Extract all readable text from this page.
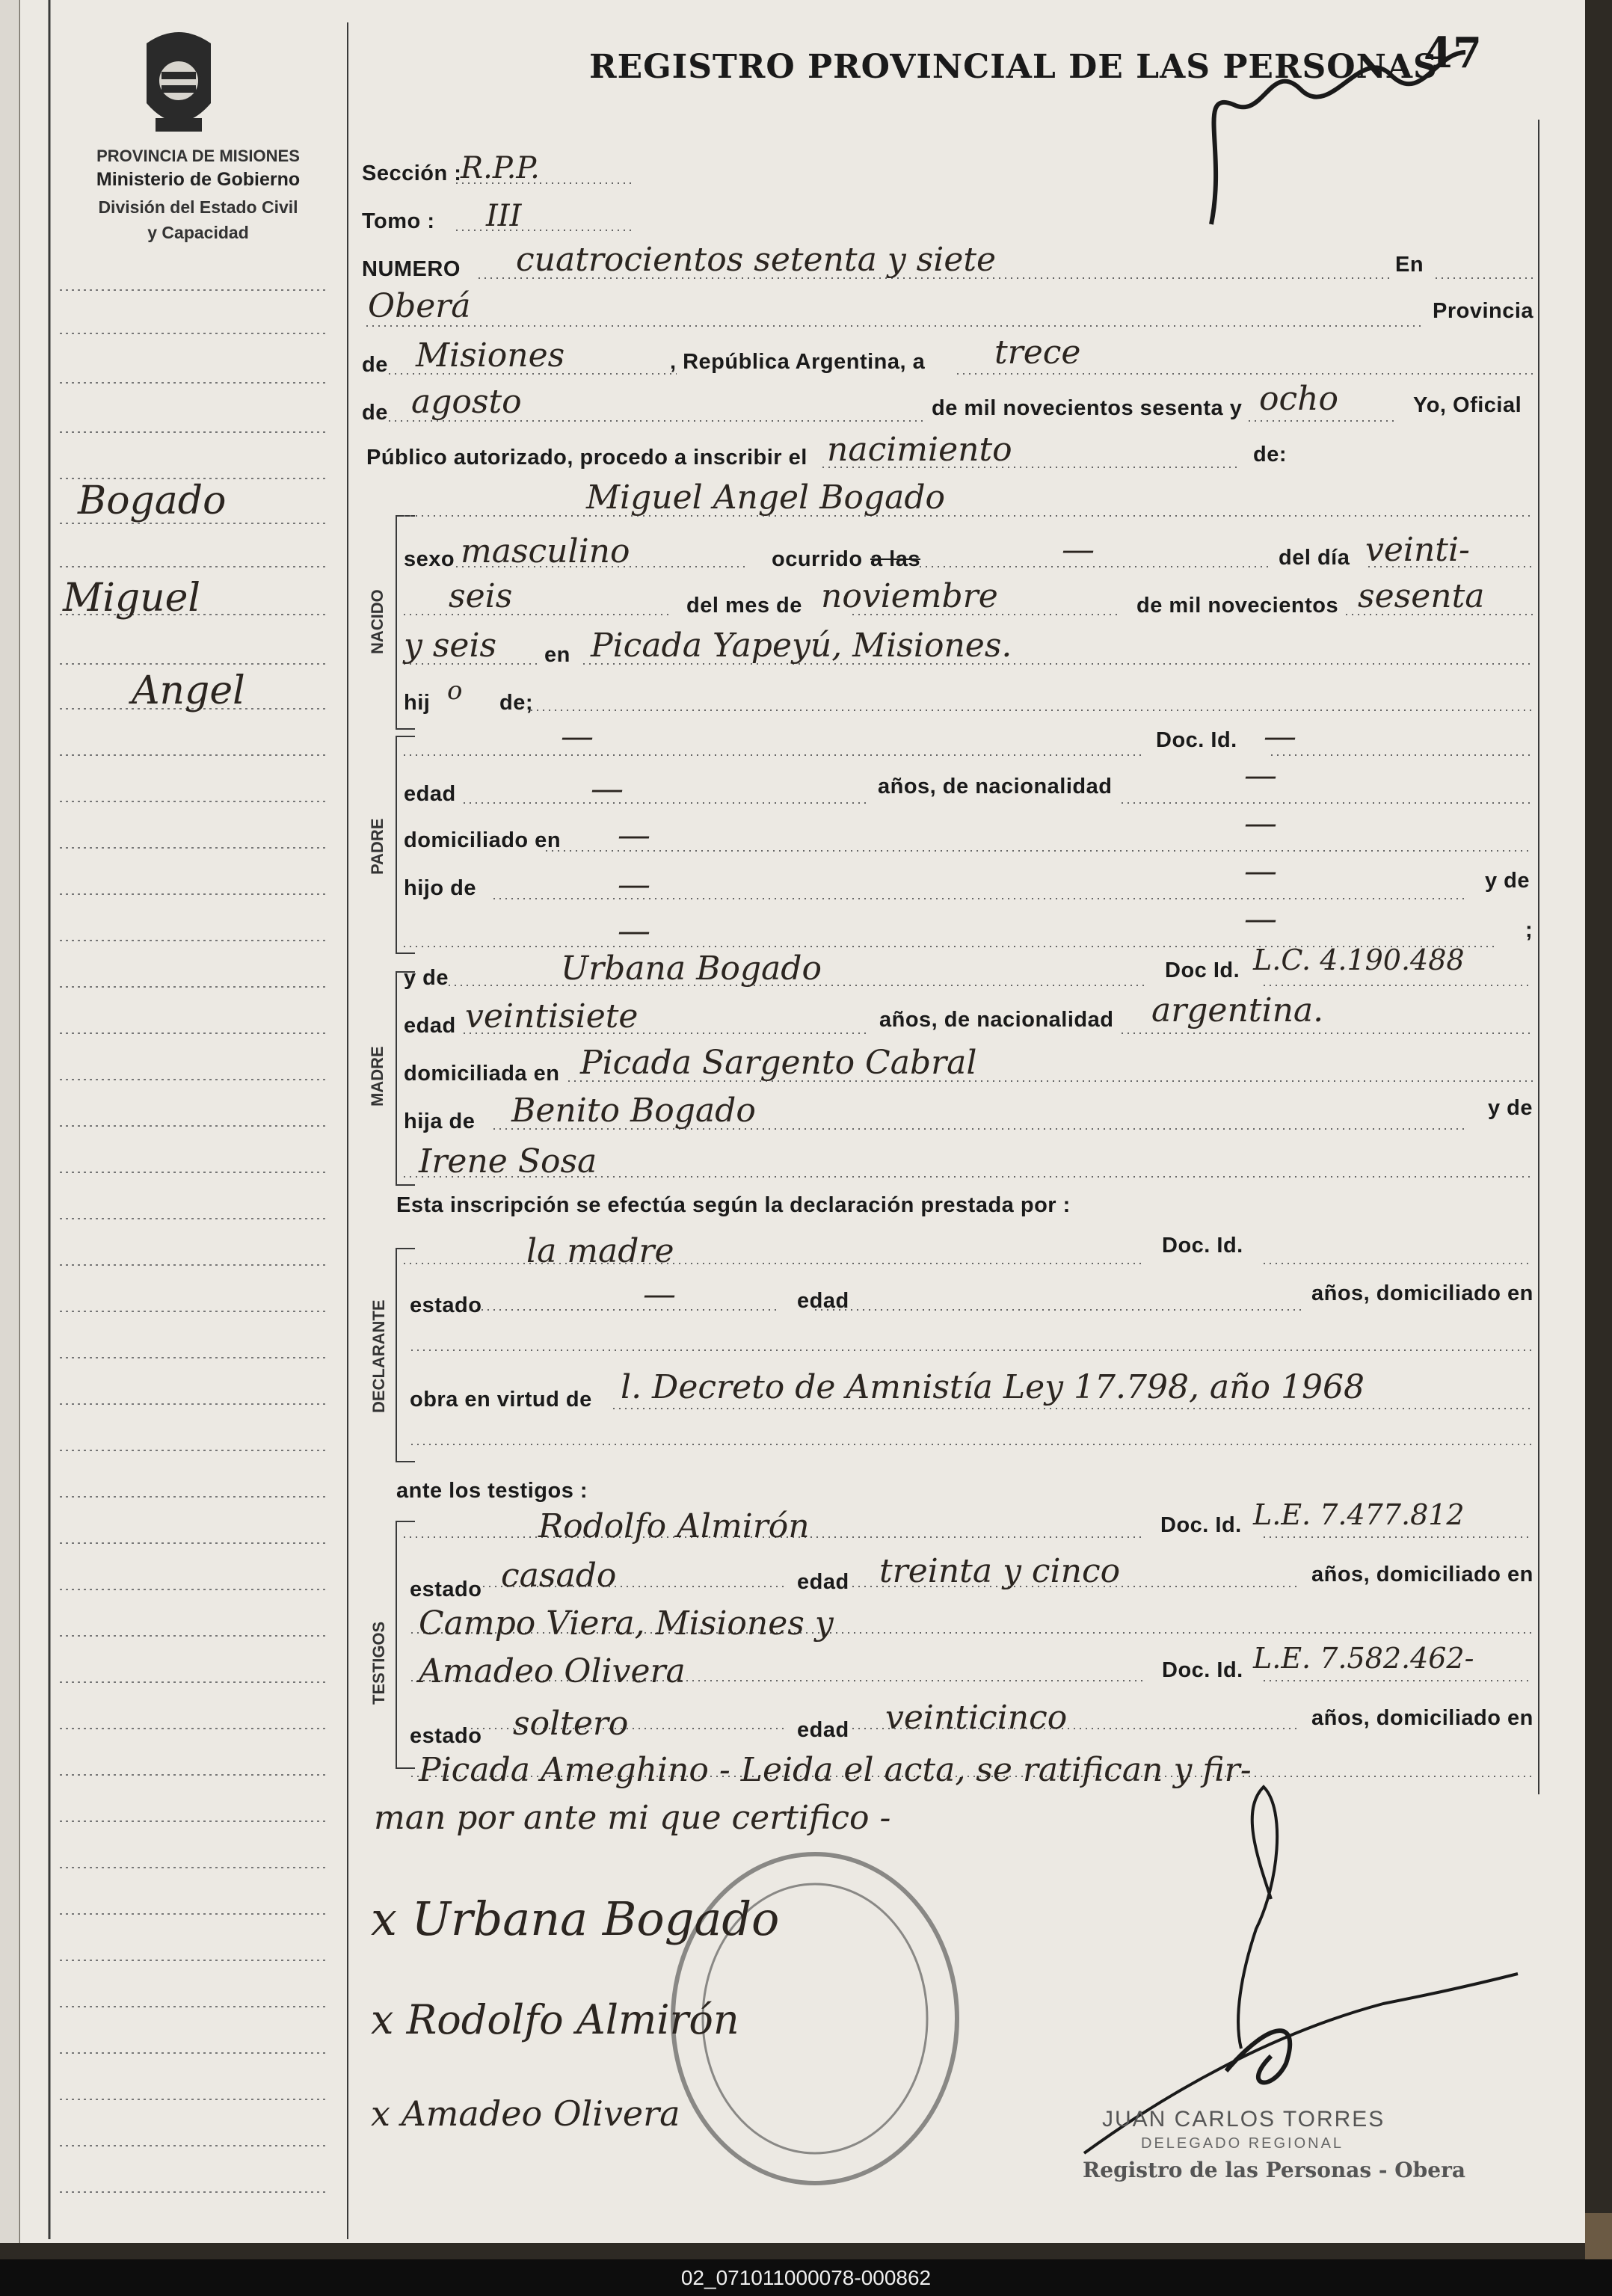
PROVINCIA DE MISIONES
Ministerio de Gobierno
División del Estado Civil
y Capacidad
REGISTRO PROVINCIAL DE LAS PERSONAS
47
Bogado
Miguel
Angel
Sección :
R.P.P.
Tomo : III
NUMERO cuatrocientos setenta y siete	En
Oberá	Provincia
de Misiones	, República Argentina, a trece
de agosto	de mil novecientos sesenta y ocho	Yo, Oficial
Público autorizado, procedo a inscribir el nacimiento	de:
NACIDO
Miguel Angel Bogado
sexo masculino	ocurrido a las	—	del día veinti-
seis	del mes de noviembre	de mil novecientos sesenta
y seis en Picada Yapeyú, Misiones.
hij o de;
PADRE
—	Doc. Id. —
edad	—	años, de nacionalidad	—
domiciliado en —	—
hijo de	—	—	y de
—	—	;
MADRE
y de	Urbana Bogado	Doc Id. L.C. 4.190.488
edad veintisiete	años, de nacionalidad argentina.
domiciliada en Picada Sargento Cabral
hija de Benito Bogado	y de
Irene Sosa
Esta inscripción se efectúa según la declaración prestada por :
DECLARANTE
la madre	Doc. Id.
estado	—	edad	años, domiciliado en
obra en virtud de l. Decreto de Amnistía Ley 17.798, año 1968
ante los testigos :
TESTIGOS
Rodolfo Almirón	Doc. Id. L.E. 7.477.812
estado casado	edad treinta y cinco	años, domiciliado en
Campo Viera, Misiones y
Amadeo Olivera	Doc. Id. L.E. 7.582.462-
estado soltero	edad veinticinco	años, domiciliado en
Picada Ameghino - Leida el acta, se ratifican y fir-
man por ante mi que certifico -
x Urbana Bogado
x Rodolfo Almirón
x Amadeo Olivera	JUAN CARLOS TORRES
DELEGADO REGIONAL
Registro de las Personas - Obera
02_071011000078-000862
